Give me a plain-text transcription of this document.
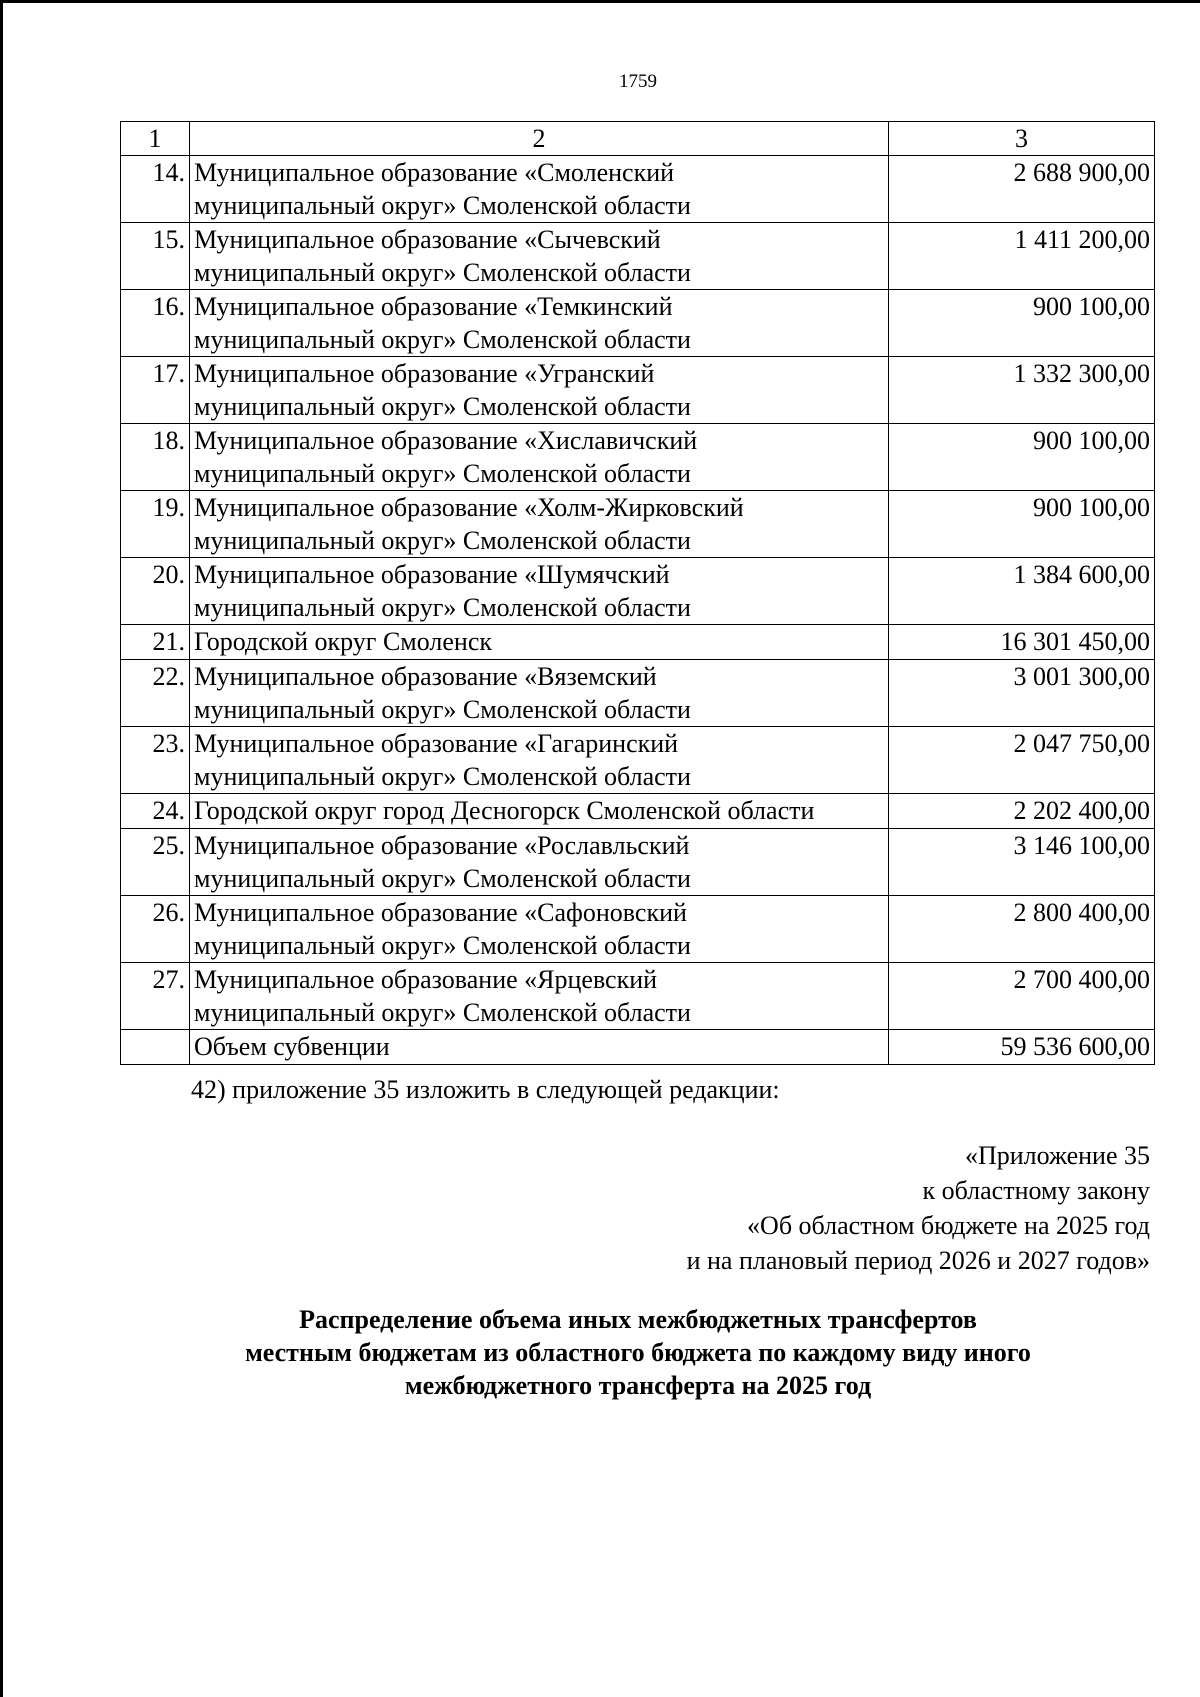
1759
1	2	3
14.	Муниципальное образование «Смоленский
муниципальный округ» Смоленской области	2 688 900,00
15.	Муниципальное образование «Сычевский
муниципальный округ» Смоленской области	1 411 200,00
16.	Муниципальное образование «Темкинский
муниципальный округ» Смоленской области	900 100,00
17.	Муниципальное образование «Угранский
муниципальный округ» Смоленской области	1 332 300,00
18.	Муниципальное образование «Хиславичский
муниципальный округ» Смоленской области	900 100,00
19.	Муниципальное образование «Холм-Жирковский
муниципальный округ» Смоленской области	900 100,00
20.	Муниципальное образование «Шумячский
муниципальный округ» Смоленской области	1 384 600,00
21.	Городской округ Смоленск	16 301 450,00
22.	Муниципальное образование «Вяземский
муниципальный округ» Смоленской области	3 001 300,00
23.	Муниципальное образование «Гагаринский
муниципальный округ» Смоленской области	2 047 750,00
24.	Городской округ город Десногорск Смоленской области	2 202 400,00
25.	Муниципальное образование «Рославльский
муниципальный округ» Смоленской области	3 146 100,00
26.	Муниципальное образование «Сафоновский
муниципальный округ» Смоленской области	2 800 400,00
27.	Муниципальное образование «Ярцевский
муниципальный округ» Смоленской области	2 700 400,00
	Объем субвенции	59 536 600,00
42) приложение 35 изложить в следующей редакции:
«Приложение 35
к областному закону
«Об областном бюджете на 2025 год
и на плановый период 2026 и 2027 годов»
Распределение объема иных межбюджетных трансфертов
местным бюджетам из областного бюджета по каждому виду иного
межбюджетного трансферта на 2025 год
